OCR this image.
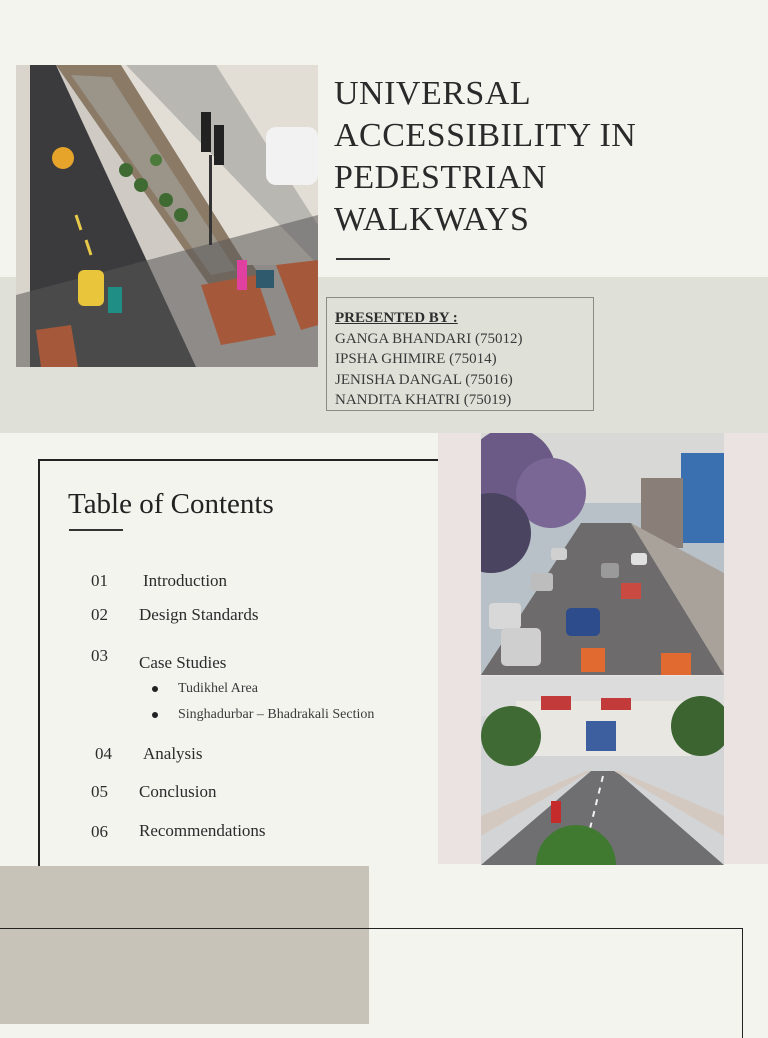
UNIVERSAL
ACCESSIBILITY IN
PEDESTRIAN
WALKWAYS
PRESENTED BY :
GANGA BHANDARI (75012)
IPSHA GHIMIRE (75014)
JENISHA DANGAL (75016)
NANDITA KHATRI (75019)
Table of Contents
01 Introduction
02 Design Standards
03 Case Studies
Tudikhel Area
Singhadurbar – Bhadrakali Section
04 Analysis
05 Conclusion
06 Recommendations
